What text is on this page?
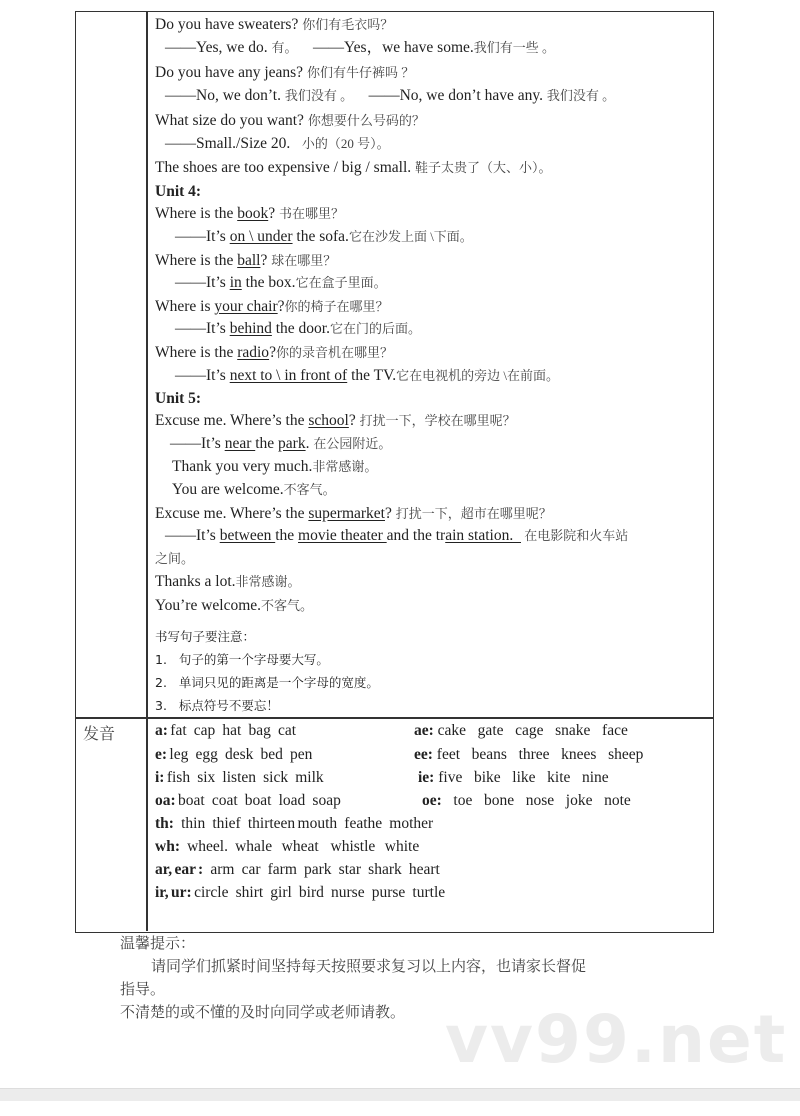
发音
Do you have sweaters? 你们有毛衣吗？
——Yes, we do. 有。    ——Yes，we have some.我们有一些 。
Do you have any jeans? 你们有牛仔裤吗 ？
——No, we don’t. 我们没有 。    ——No, we don’t have any. 我们没有 。
What size do you want? 你想要什么号码的？
——Small./Size 20.   小的（20 号）。
The shoes are too expensive / big / small. 鞋子太贵了（大、小）。
Unit 4:
Where is the book? 书在哪里？
——It’s on \ under the sofa.它在沙发上面 \下面。
Where is the ball? 球在哪里？
——It’s in the box.它在盒子里面。
Where is your chair?你的椅子在哪里？
——It’s behind the door.它在门的后面。
Where is the radio?你的录音机在哪里？
——It’s next to \ in front of the TV.它在电视机的旁边 \在前面。
Unit 5:
Excuse me. Where’s the school? 打扰一下，学校在哪里呢？
——It’s near the park. 在公园附近。
Thank you very much.非常感谢。
You are welcome.不客气。
Excuse me. Where’s the supermarket? 打扰一下，超市在哪里呢？
——It’s between the movie theater and the train station.   在电影院和火车站
之间。
Thanks a lot.非常感谢。
You’re welcome.不客气。
书写句子要注意：
1.   句子的第一个字母要大写。
2.   单词只见的距离是一个字母的宽度。
3.   标点符号不要忘！
a: fat   cap   hat   bag   cat
e: leg   egg   desk   bed   pen
i: fish   six   listen   sick   milk
oa: boat   coat   boat   load   soap
th:   thin   thief   thirteen mouth   feathe   mother
wh:   wheel.   whale    wheat     whistle    white
ar, ear :   arm   car   farm   park   star   shark   heart
ir, ur: circle   shirt   girl   bird   nurse   purse   turtle
ae: cake   gate   cage   snake   face
ee: feet   beans   three   knees   sheep
ie: five   bike   like   kite   nine
oe:   toe   bone   nose   joke   note
温馨提示：
请同学们抓紧时间坚持每天按照要求复习以上内容，也请家长督促
指导。
不清楚的或不懂的及时向同学或老师请教。 vv99.net
